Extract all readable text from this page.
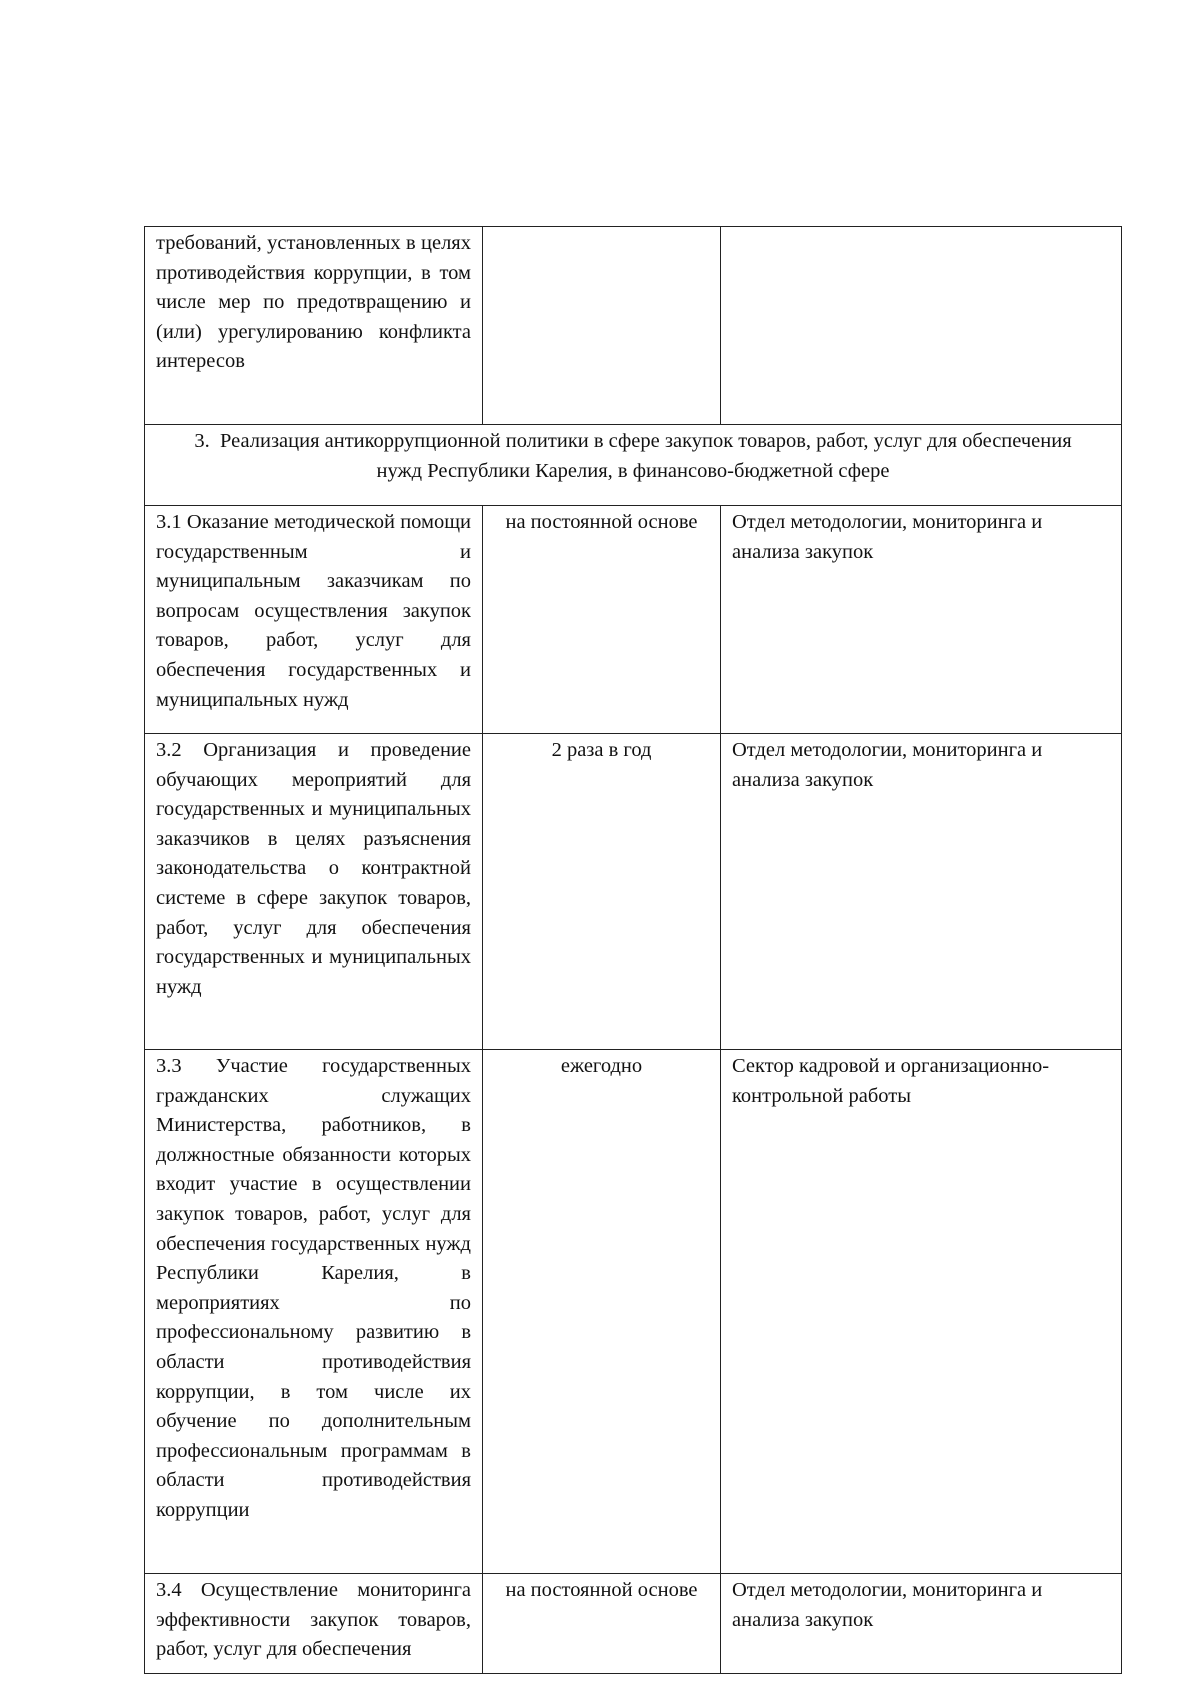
требований, установленных в целях противодействия коррупции, в том числе мер по предотвращению и (или) урегулированию конфликта интересов		
3. Реализация антикоррупционной политики в сфере закупок товаров, работ, услуг для обеспечения нужд Республики Карелия, в финансово-бюджетной сфере		
3.1 Оказание методической помощи государственным и муниципальным заказчикам по вопросам осуществления закупок товаров, работ, услуг для обеспечения государственных и муниципальных нужд	на постоянной основе	Отдел методологии, мониторинга и анализа закупок
3.2 Организация и проведение обучающих мероприятий для государственных и муниципальных заказчиков в целях разъяснения законодательства о контрактной системе в сфере закупок товаров, работ, услуг для обеспечения государственных и муниципальных нужд	2 раза в год	Отдел методологии, мониторинга и анализа закупок
3.3 Участие государственных гражданских служащих Министерства, работников, в должностные обязанности которых входит участие в осуществлении закупок товаров, работ, услуг для обеспечения государственных нужд Республики Карелия, в мероприятиях по профессиональному развитию в области противодействия коррупции, в том числе их обучение по дополнительным профессиональным программам в области противодействия коррупции	ежегодно	Сектор кадровой и организационно-контрольной работы
3.4 Осуществление мониторинга эффективности закупок товаров, работ, услуг для обеспечения	на постоянной основе	Отдел методологии, мониторинга и анализа закупок
